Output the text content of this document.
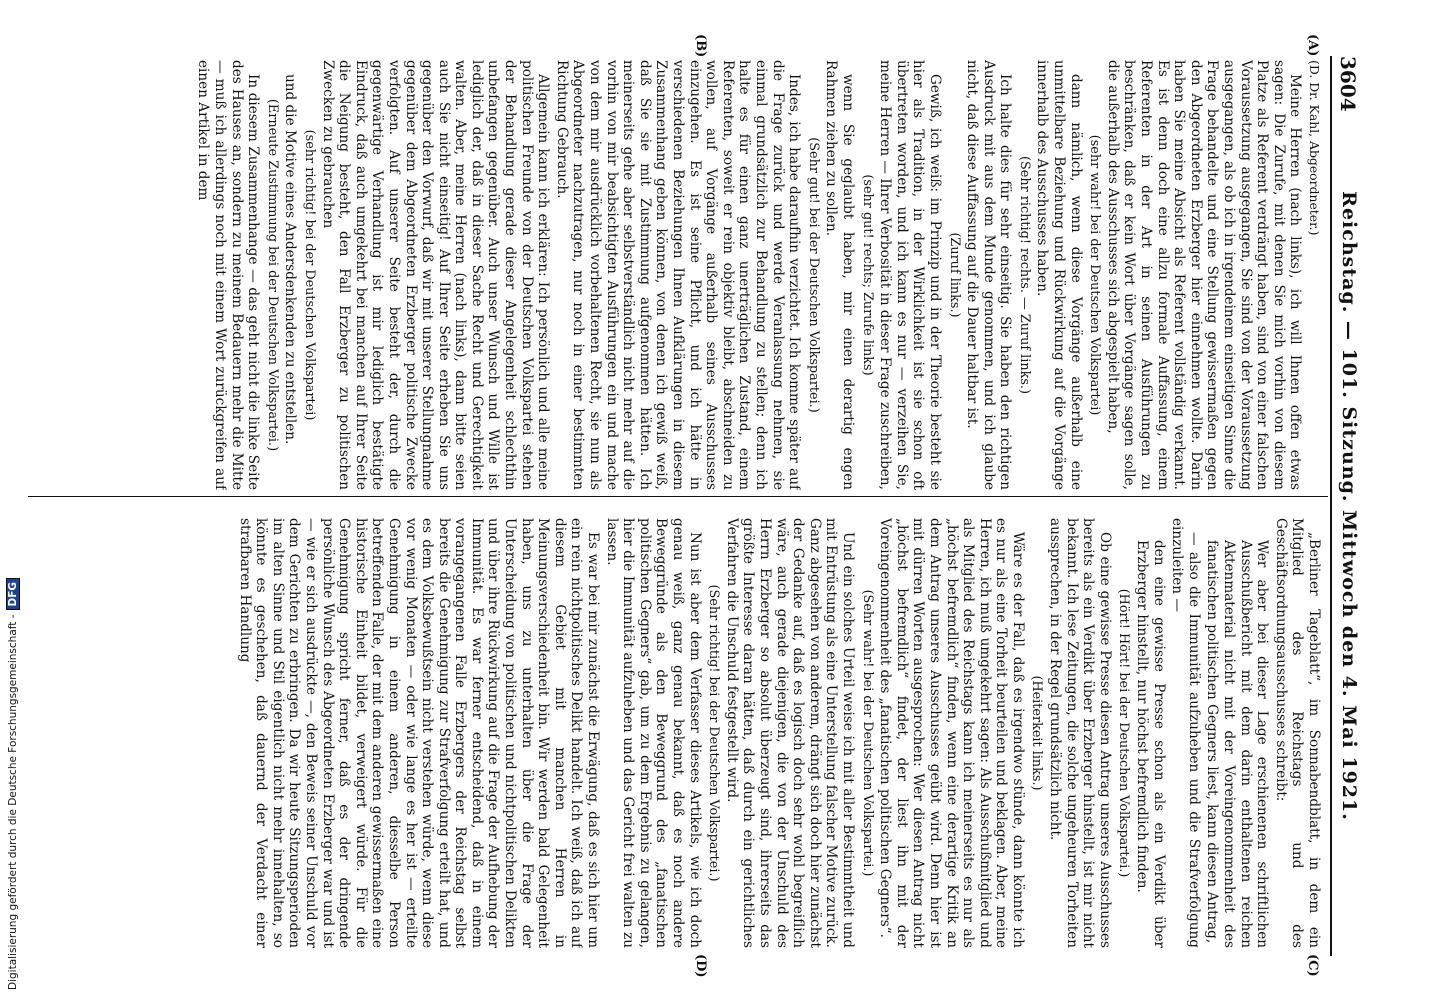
3604
Reichstag. — 101. Sitzung. Mittwoch den 4. Mai 1921.
(A)
(B)
(C)
(D)

(D. Dr. Kahl, Abgeordneter.)

Meine Herren (nach links), ich will Ihnen offen etwas sagen: Die Zurufe, mit denen Sie mich vorhin von diesem Platze als Referent verdrängt haben, sind von einer falschen Voraussetzung ausgegangen, Sie sind von der Voraussetzung ausgegangen, als ob ich in irgendeinem einseitigen Sinne die Frage behandelte und eine Stellung gewissermaßen gegen den Abgeordneten Erzberger hier einnehmen wollte. Darin haben Sie meine Absicht als Referent vollständig verkannt. Es ist denn doch eine allzu formale Auffassung, einem Referenten in der Art in seinen Ausführungen zu beschränken, daß er kein Wort über Vorgänge sagen solle, die außerhalb des Ausschusses sich abgespielt haben,

(sehr wahr! bei der Deutschen Volkspartei)

dann nämlich, wenn diese Vorgänge außerhalb eine unmittelbare Beziehung und Rückwirkung auf die Vorgänge innerhalb des Ausschusses haben.

(Sehr richtig! rechts. — Zuruf links.)

Ich halte dies für sehr einseitig. Sie haben den richtigen Ausdruck mit aus dem Munde genommen, und ich glaube nicht, daß diese Auffassung auf die Dauer haltbar ist.

(Zuruf links.)

Gewiß, ich weiß: im Prinzip und in der Theorie besteht sie hier als Tradition, in der Wirklichkeit ist sie schon oft übertreten worden, und ich kann es nur — verzeihen Sie, meine Herren — Ihrer Verbosität in dieser Frage zuschreiben,

(sehr gut! rechts; Zurufe links)

wenn Sie geglaubt haben, mir einen derartig engen Rahmen ziehen zu sollen.

(Sehr gut! bei der Deutschen Volkspartei.)

Indes, ich habe daraufhin verzichtet. Ich komme später auf die Frage zurück und werde Veranlassung nehmen, sie einmal grundsätzlich zur Behandlung zu stellen; denn ich halte es für einen ganz unerträglichen Zustand, einem Referenten, soweit er rein objektiv bleibt, abschneiden zu wollen, auf Vorgänge außerhalb seines Ausschusses einzugehen. Es ist seine Pflicht, und ich hätte in verschiedenen Beziehungen Ihnen Aufklärungen in diesem Zusammenhang geben können, von denen ich gewiß weiß, daß Sie sie mit Zustimmung aufgenommen hätten. Ich meinerseits gehe aber selbstverständlich nicht mehr auf die vorhin von mir beabsichtigten Ausführungen ein und mache von dem mir ausdrücklich vorbehaltenen Recht, sie nun als Abgeordneter nachzutragen, nur noch in einer bestimmten Richtung Gebrauch.

Allgemein kann ich erklären: Ich persönlich und alle meine politischen Freunde von der Deutschen Volkspartei stehen der Behandlung gerade dieser Angelegenheit schlechthin unbefangen gegenüber. Auch unser Wunsch und Wille ist lediglich der, daß in dieser Sache Recht und Gerechtigkeit walten. Aber, meine Herren (nach links), dann bitte seien auch Sie nicht einseitig! Auf Ihrer Seite erheben Sie uns gegenüber den Vorwurf, daß wir mit unserer Stellungnahme gegenüber dem Abgeordneten Erzberger politische Zwecke verfolgten. Auf unserer Seite besteht der, durch die gegenwärtige Verhandlung ist mir lediglich bestätigte Eindruck, daß auch umgekehrt bei manchen auf Ihrer Seite die Neigung besteht, den Fall Erzberger zu politischen Zwecken zu gebrauchen

(sehr richtig! bei der Deutschen Volkspartei)

und die Motive eines Andersdenkenden zu entstellen.

(Erneute Zustimmung bei der Deutschen Volkspartei.)

In diesem Zusammenhange — das geht nicht die linke Seite des Hauses an, sondern zu meinem Bedauern mehr die Mitte — muß ich allerdings noch mit einem Wort zurückgreifen auf einen Artikel in dem

„Berliner Tageblatt“, im Sonnabendblatt, in dem ein Mitglied des Reichstags und des Geschäftsordnungsausschusses schreibt:

Wer aber bei dieser Lage erschienenen schriftlichen Ausschußbericht mit dem darin enthaltenen reichen Aktenmaterial nicht mit der Voreingenommenheit des fanatischen politischen Gegners liest, kann diesen Antrag,

— also die Immunität aufzuheben und die Strafverfolgung einzuleiten —

den eine gewisse Presse schon als ein Verdikt über Erzberger hinstellt, nur höchst befremdlich finden.

(Hört! Hört! bei der Deutschen Volkspartei.)

Ob eine gewisse Presse diesen Antrag unseres Ausschusses bereits als ein Verdikt über Erzberger hinstellt, ist mir nicht bekannt. Ich lese Zeitungen, die solche ungeheuren Torheiten aussprechen, in der Regel grundsätzlich nicht.

(Heiterkeit links.)

Wäre es der Fall, daß es irgendwo stünde, dann könnte ich es nur als eine Torheit beurteilen und beklagen. Aber, meine Herren, ich muß umgekehrt sagen: Als Ausschußmitglied und als Mitglied des Reichstags kann ich meinerseits es nur als „höchst befremdlich“ finden, wenn eine derartige Kritik an dem Antrag unseres Ausschusses geübt wird. Denn hier ist mit dürren Worten ausgesprochen: Wer diesen Antrag nicht „höchst befremdlich“ findet, der liest ihn mit der Voreingenommenheit des „fanatischen politischen Gegners“.

(Sehr wahr! bei der Deutschen Volkspartei.)

Und ein solches Urteil weise ich mit aller Bestimmtheit und mit Entrüstung als eine Unterstellung falscher Motive zurück. Ganz abgesehen von anderem, drängt sich doch hier zunächst der Gedanke auf, daß es logisch doch sehr wohl begreiflich wäre, auch gerade diejenigen, die von der Unschuld des Herrn Erzberger so absolut überzeugt sind, ihrerseits das größte Interesse daran hätten, daß durch ein gerichtliches Verfahren die Unschuld festgestellt wird.

(Sehr richtig! bei der Deutschen Volkspartei.)

Nun ist aber dem Verfasser dieses Artikels, wie ich doch genau weiß, ganz genau bekannt, daß es noch andere Beweggründe als den Beweggrund des „fanatischen politischen Gegners“ gab, um zu dem Ergebnis zu gelangen, hier die Immunität aufzuheben und das Gericht frei walten zu lassen.

Es war bei mir zunächst die Erwägung, daß es sich hier um ein rein nichtpolitisches Delikt handelt. Ich weiß, daß ich auf diesem Gebiet mit manchen Herren in Meinungsverschiedenheit bin. Wir werden bald Gelegenheit haben, uns zu unterhalten über die Frage der Unterscheidung von politischen und nichtpolitischen Delikten und über ihre Rückwirkung auf die Frage der Aufhebung der Immunität. Es war ferner entscheidend, daß in einem vorangegangenen Falle Erzbergers der Reichstag selbst bereits die Genehmigung zur Strafverfolgung erteilt hat, und es dem Volksbewußtsein nicht verstehen würde, wenn diese vor wenig Monaten — oder wie lange es her ist — erteilte Genehmigung in einem anderen, diesselbe Person betreffenden Falle, der mit dem anderen gewissermaßen eine historische Einheit bildet, verweigert würde. Für die Genehmigung spricht ferner, daß es der dringende persönliche Wunsch des Abgeordneten Erzberger war und ist — wie er sich ausdrückte —, den Beweis seiner Unschuld vor dem Gerichten zu erbringen. Da wir heute Sitzungsperioden im alten Sinne und Stil eigentlich nicht mehr innehalten, so könnte es geschehen, daß dauernd der Verdacht einer strafbaren Handlung

Digitalisierung gefördert durch die Deutsche Forschungsgemeinschaft -DFG
